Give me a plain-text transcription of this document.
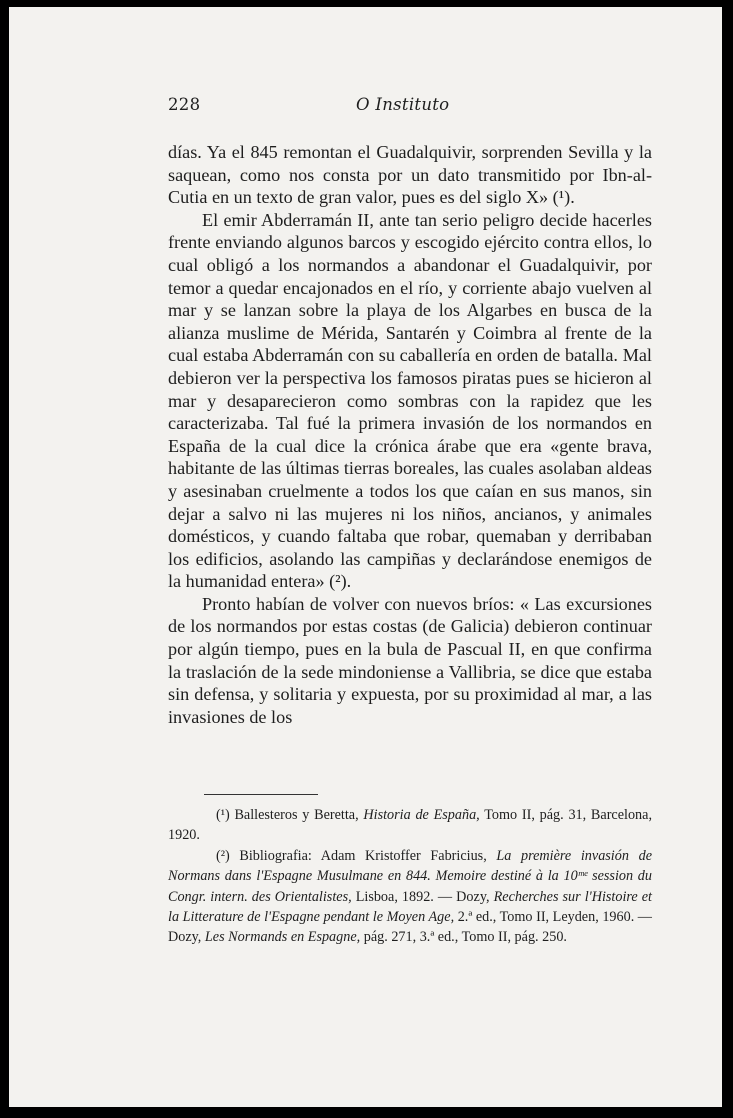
228	O Instituto

días. Ya el 845 remontan el Guadalquivir, sorprenden Sevilla y la saquean, como nos consta por un dato transmitido por Ibn-al-Cutia en un texto de gran valor, pues es del siglo X» (¹).

El emir Abderramán II, ante tan serio peligro decide hacerles frente enviando algunos barcos y escogido ejército contra ellos, lo cual obligó a los normandos a abandonar el Guadalquivir, por temor a quedar encajonados en el río, y corriente abajo vuelven al mar y se lanzan sobre la playa de los Algarbes en busca de la alianza muslime de Mérida, Santarén y Coimbra al frente de la cual estaba Abderramán con su caballería en orden de batalla. Mal debieron ver la perspectiva los famosos piratas pues se hicieron al mar y desaparecieron como sombras con la rapidez que les caracterizaba. Tal fué la primera invasión de los normandos en España de la cual dice la crónica árabe que era «gente brava, habitante de las últimas tierras boreales, las cuales asolaban aldeas y asesinaban cruelmente a todos los que caían en sus manos, sin dejar a salvo ni las mujeres ni los niños, ancianos, y animales domésticos, y cuando faltaba que robar, quemaban y derribaban los edificios, asolando las campiñas y declarándose enemigos de la humanidad entera» (²).

Pronto habían de volver con nuevos bríos: « Las excursiones de los normandos por estas costas (de Galicia) debieron continuar por algún tiempo, pues en la bula de Pascual II, en que confirma la traslación de la sede mindoniense a Vallibria, se dice que estaba sin defensa, y solitaria y expuesta, por su proximidad al mar, a las invasiones de los

(¹) Ballesteros y Beretta, Historia de España, Tomo II, pág. 31, Barcelona, 1920.

(²) Bibliografia: Adam Kristoffer Fabricius, La première invasión de Normans dans l'Espagne Musulmane en 844. Memoire destiné à la 10ᵐᵉ session du Congr. intern. des Orientalistes, Lisboa, 1892. — Dozy, Recherches sur l'Histoire et la Litterature de l'Espagne pendant le Moyen Age, 2.ª ed., Tomo II, Leyden, 1960. — Dozy, Les Normands en Espagne, pág. 271, 3.ª ed., Tomo II, pág. 250.
